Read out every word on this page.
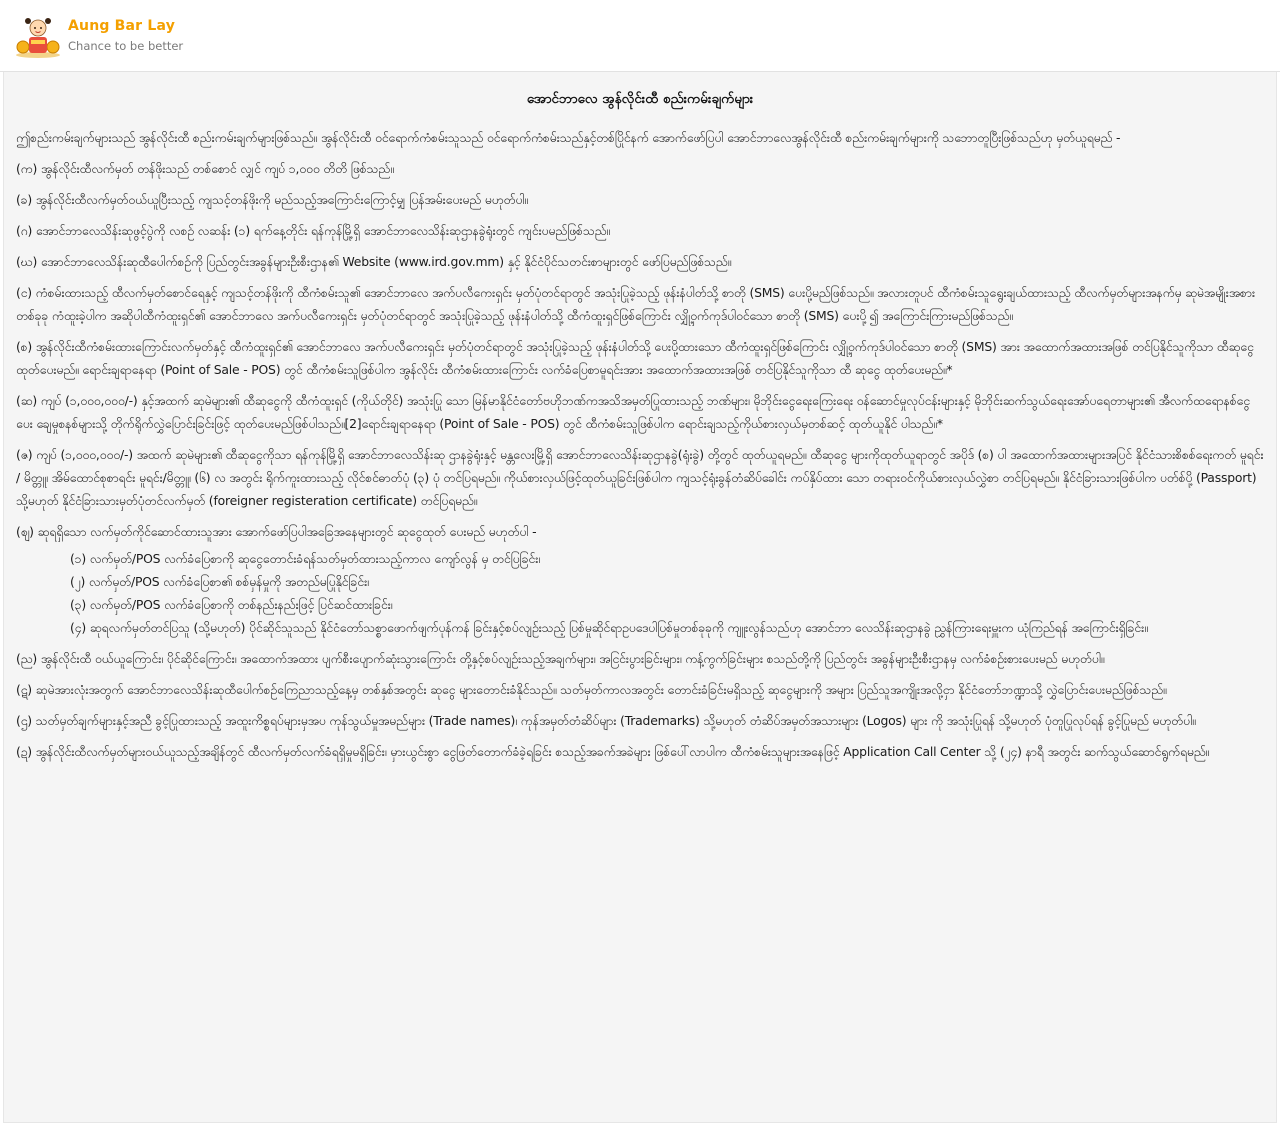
Aung Bar Lay
Chance to be better
အောင်ဘာလေ အွန်လိုင်းထီ စည်းကမ်းချက်များ

ဤစည်းကမ်းချက်များသည် အွန်လိုင်းထီ စည်းကမ်းချက်များဖြစ်သည်။ အွန်လိုင်းထီ ဝင်ရောက်ကံစမ်းသူသည် ဝင်ရောက်ကံစမ်းသည်နှင့်တစ်ပြိုင်နက် အောက်ဖော်ပြပါ အောင်ဘာလေအွန်လိုင်းထီ စည်းကမ်းချက်များကို သဘောတူပြီးဖြစ်သည်ဟု မှတ်ယူရမည် -

(က) အွန်လိုင်းထီလက်မှတ် တန်ဖိုးသည် တစ်စောင် လျှင် ကျပ် ၁,၀၀၀ တိတိ ဖြစ်သည်။

(ခ) အွန်လိုင်းထီလက်မှတ်ဝယ်ယူပြီးသည့် ကျသင့်တန်ဖိုးကို မည်သည့်အကြောင်းကြောင့်မျှ ပြန်အမ်းပေးမည် မဟုတ်ပါ။

(ဂ) အောင်ဘာလေသိန်းဆုဖွင့်ပွဲကို လစဉ် လဆန်း (၁) ရက်နေ့တိုင်း ရန်ကုန်မြို့ရှိ အောင်ဘာလေသိန်းဆုဌာနခွဲရုံးတွင် ကျင်းပမည်ဖြစ်သည်။

(ဃ) အောင်ဘာလေသိန်းဆုထီပေါက်စဉ်ကို ပြည်တွင်းအခွန်များဦးစီးဌာန၏ Website (www.ird.gov.mm) နှင့် နိုင်ငံပိုင်သတင်းစာများတွင် ဖော်ပြမည်ဖြစ်သည်။

(င) ကံစမ်းထားသည့် ထီလက်မှတ်စောင်ရေနှင့် ကျသင့်တန်ဖိုးကို ထီကံစမ်းသူ၏ အောင်ဘာလေ အက်ပလီကေးရှင်း မှတ်ပုံတင်ရာတွင် အသုံးပြုခဲ့သည့် ဖုန်းနံပါတ်သို့ စာတို (SMS) ပေးပို့မည်ဖြစ်သည်။ အလားတူပင် ထီကံစမ်းသူရွေးချယ်ထားသည့် ထီလက်မှတ်များအနက်မှ ဆုမဲအမျိုးအစားတစ်ခုခု ကံထူးခဲ့ပါက အဆိုပါထီကံထူးရှင်၏ အောင်ဘာလေ အက်ပလီကေးရှင်း မှတ်ပုံတင်ရာတွင် အသုံးပြုခဲ့သည့် ဖုန်းနံပါတ်သို့ ထီကံထူးရှင်ဖြစ်ကြောင်း လျှို့ဝှက်ကုဒ်ပါဝင်သော စာတို (SMS) ပေးပို့၍ အကြောင်းကြားမည်ဖြစ်သည်။

(စ) အွန်လိုင်းထီကံစမ်းထားကြောင်းလက်မှတ်နှင့် ထီကံထူးရှင်၏ အောင်ဘာလေ အက်ပလီကေးရှင်း မှတ်ပုံတင်ရာတွင် အသုံးပြုခဲ့သည့် ဖုန်းနံပါတ်သို့ ပေးပို့ထားသော ထီကံထူးရှင်ဖြစ်ကြောင်း လျှို့ဝှက်ကုဒ်ပါဝင်သော စာတို (SMS) အား အထောက်အထားအဖြစ် တင်ပြနိုင်သူကိုသာ ထီဆုငွေ ထုတ်ပေးမည်။ ရောင်းချရာနေရာ (Point of Sale - POS) တွင် ထီကံစမ်းသူဖြစ်ပါက အွန်လိုင်း ထီကံစမ်းထားကြောင်း လက်ခံပြေစာမူရင်းအား အထောက်အထားအဖြစ် တင်ပြနိုင်သူကိုသာ ထီ ဆုငွေ ထုတ်ပေးမည်။*

(ဆ) ကျပ် (၁,၀၀၀,၀၀၀/-) နှင့်အထက် ဆုမဲများ၏ ထီဆုငွေကို ထီကံထူးရှင် (ကိုယ်တိုင်) အသုံးပြု သော မြန်မာနိုင်ငံတော်ဗဟိုဘဏ်ကအသိအမှတ်ပြုထားသည့် ဘဏ်များ၊ မိုဘိုင်းငွေရေးကြေးရေး ဝန်ဆောင်မှုလုပ်ငန်းများနှင့် မိုဘိုင်းဆက်သွယ်ရေးအော်ပရေတာများ၏ အီလက်ထရောနစ်ငွေပေး ချေမှုစနစ်များသို့ တိုက်ရိုက်လွှဲပြောင်းခြင်းဖြင့် ထုတ်ပေးမည်ဖြစ်ပါသည်။[2]ရောင်းချရာနေရာ (Point of Sale - POS) တွင် ထီကံစမ်းသူဖြစ်ပါက ရောင်းချသည့်ကိုယ်စားလှယ်မှတစ်ဆင့် ထုတ်ယူနိုင် ပါသည်။*

(ဇ) ကျပ် (၁,၀၀၀,၀၀၀/-) အထက် ဆုမဲများ၏ ထီဆုငွေကိုသာ ရန်ကုန်မြို့ရှိ အောင်ဘာလေသိန်းဆု ဌာနခွဲရုံးနှင့် မန္တလေးမြို့ရှိ အောင်ဘာလေသိန်းဆုဌာနခွဲ(ရုံးခွဲ) တို့တွင် ထုတ်ယူရမည်။ ထီဆုငွေ များကိုထုတ်ယူရာတွင် အပိုဒ် (စ) ပါ အထောက်အထားများအပြင် နိုင်ငံသားစိစစ်ရေးကတ် မူရင်း / မိတ္တူ၊ အိမ်ထောင်စုစာရင်း မူရင်း/မိတ္တူ၊ (၆) လ အတွင်း ရိုက်ကူးထားသည့် လိုင်စင်ဓာတ်ပုံ (၃) ပုံ တင်ပြရမည်။ ကိုယ်စားလှယ်ဖြင့်ထုတ်ယူခြင်းဖြစ်ပါက ကျသင့်ရုံးခွန်တံဆိပ်ခေါင်း ကပ်နှိပ်ထား သော တရားဝင်ကိုယ်စားလှယ်လွှဲစာ တင်ပြရမည်။ နိုင်ငံခြားသားဖြစ်ပါက ပတ်စ်ပို့ (Passport) သို့မဟုတ် နိုင်ငံခြားသားမှတ်ပုံတင်လက်မှတ် (foreigner registeration certificate) တင်ပြရမည်။

(ဈ) ဆုရရှိသော လက်မှတ်ကိုင်ဆောင်ထားသူအား အောက်ဖော်ပြပါအခြေအနေများတွင် ဆုငွေထုတ် ပေးမည် မဟုတ်ပါ -

(၁) လက်မှတ်/POS လက်ခံပြေစာကို ဆုငွေတောင်းခံရန်သတ်မှတ်ထားသည့်ကာလ ကျော်လွန် မှ တင်ပြခြင်း၊

(၂) လက်မှတ်/POS လက်ခံပြေစာ၏ စစ်မှန်မှုကို အတည်မပြုနိုင်ခြင်း၊

(၃) လက်မှတ်/POS လက်ခံပြေစာကို တစ်နည်းနည်းဖြင့် ပြင်ဆင်ထားခြင်း၊

(၄) ဆုရလက်မှတ်တင်ပြသူ (သို့မဟုတ်) ပိုင်ဆိုင်သူသည် နိုင်ငံတော်သစ္စာဖောက်ဖျက်ပုန်ကန် ခြင်းနှင့်စပ်လျဉ်းသည့် ပြစ်မှုဆိုင်ရာဥပဒေပါပြစ်မှုတစ်ခုခုကို ကျူးလွန်သည်ဟု အောင်ဘာ လေသိန်းဆုဌာနခွဲ ညွှန်ကြားရေးမှူးက ယုံကြည်ရန် အကြောင်းရှိခြင်း။

(ည) အွန်လိုင်းထီ ဝယ်ယူကြောင်း၊ ပိုင်ဆိုင်ကြောင်း၊ အထောက်အထား ပျက်စီးပျောက်ဆုံးသွားကြောင်း တို့နှင့်စပ်လျဉ်းသည့်အချက်များ၊ အငြင်းပွားခြင်းများ၊ ကန့်ကွက်ခြင်းများ စသည်တို့ကို ပြည်တွင်း အခွန်များဦးစီးဌာနမှ လက်ခံစဉ်းစားပေးမည် မဟုတ်ပါ။

(ဋ) ဆုမဲအားလုံးအတွက် အောင်ဘာလေသိန်းဆုထီပေါက်စဉ်ကြေညာသည့်နေ့မှ တစ်နှစ်အတွင်း ဆုငွေ များတောင်းခံနိုင်သည်။ သတ်မှတ်ကာလအတွင်း တောင်းခံခြင်းမရှိသည့် ဆုငွေများကို အများ ပြည်သူအကျိုးအလို့ငှာ နိုင်ငံတော်ဘဏ္ဍာသို့ လွှဲပြောင်းပေးမည်ဖြစ်သည်။

(ဌ) သတ်မှတ်ချက်များနှင့်အညီ ခွင့်ပြုထားသည့် အထူးကိစ္စရပ်များမှအပ ကုန်သွယ်မှုအမည်များ (Trade names)၊ ကုန်အမှတ်တံဆိပ်များ (Trademarks) သို့မဟုတ် တံဆိပ်အမှတ်အသားများ (Logos) များ ကို အသုံးပြုရန် သို့မဟုတ် ပုံတူပြုလုပ်ရန် ခွင့်ပြုမည် မဟုတ်ပါ။

(ဍ) အွန်လိုင်းထီလက်မှတ်များဝယ်ယူသည့်အချိန်တွင် ထီလက်မှတ်လက်ခံရရှိမှုမရှိခြင်း၊ မှားယွင်းစွာ ငွေဖြတ်တောက်ခံခဲ့ရခြင်း စသည့်အခက်အခဲများ ဖြစ်ပေါ်လာပါက ထီကံစမ်းသူများအနေဖြင့် Application Call Center သို့ (၂၄) နာရီ အတွင်း ဆက်သွယ်ဆောင်ရွက်ရမည်။
